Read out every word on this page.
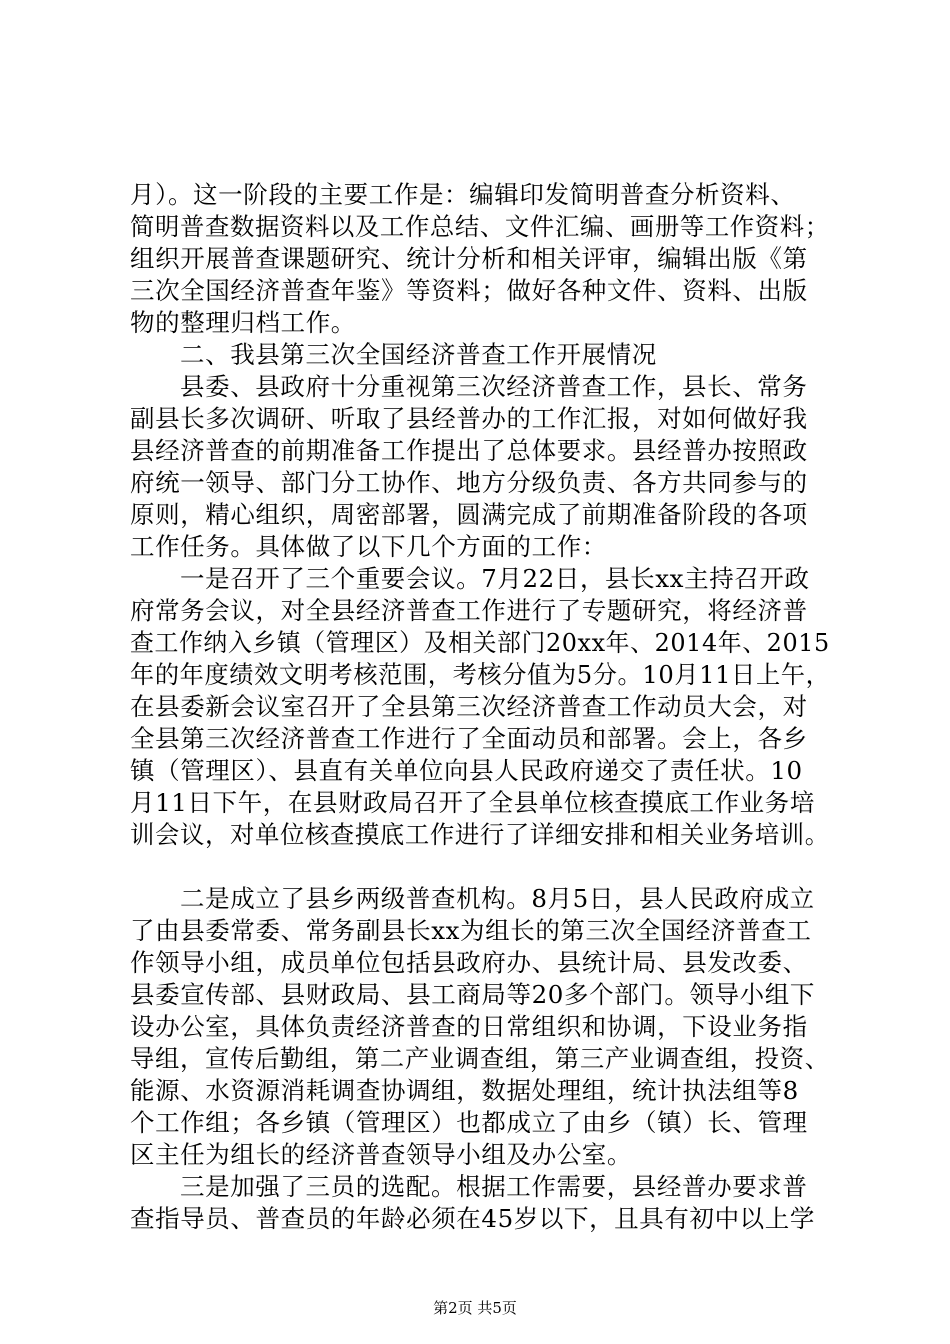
月）。这一阶段的主要工作是：编辑印发简明普查分析资料、
简明普查数据资料以及工作总结、文件汇编、画册等工作资料；
组织开展普查课题研究、统计分析和相关评审，编辑出版《第
三次全国经济普查年鉴》等资料；做好各种文件、资料、出版
物的整理归档工作。
二、我县第三次全国经济普查工作开展情况
县委、县政府十分重视第三次经济普查工作，县长、常务
副县长多次调研、听取了县经普办的工作汇报，对如何做好我
县经济普查的前期准备工作提出了总体要求。县经普办按照政
府统一领导、部门分工协作、地方分级负责、各方共同参与的
原则，精心组织，周密部署，圆满完成了前期准备阶段的各项
工作任务。具体做了以下几个方面的工作：
一是召开了三个重要会议。7月22日，县长xx主持召开政
府常务会议，对全县经济普查工作进行了专题研究，将经济普
查工作纳入乡镇（管理区）及相关部门20xx年、2014年、2015
年的年度绩效文明考核范围，考核分值为5分。10月11日上午，
在县委新会议室召开了全县第三次经济普查工作动员大会，对
全县第三次经济普查工作进行了全面动员和部署。会上，各乡
镇（管理区）、县直有关单位向县人民政府递交了责任状。10
月11日下午，在县财政局召开了全县单位核查摸底工作业务培
训会议，对单位核查摸底工作进行了详细安排和相关业务培训。
二是成立了县乡两级普查机构。8月5日，县人民政府成立
了由县委常委、常务副县长xx为组长的第三次全国经济普查工
作领导小组，成员单位包括县政府办、县统计局、县发改委、
县委宣传部、县财政局、县工商局等20多个部门。领导小组下
设办公室，具体负责经济普查的日常组织和协调，下设业务指
导组，宣传后勤组，第二产业调查组，第三产业调查组，投资、
能源、水资源消耗调查协调组，数据处理组，统计执法组等8
个工作组；各乡镇（管理区）也都成立了由乡（镇）长、管理
区主任为组长的经济普查领导小组及办公室。
三是加强了三员的选配。根据工作需要，县经普办要求普
查指导员、普查员的年龄必须在45岁以下，且具有初中以上学
第2页 共5页
